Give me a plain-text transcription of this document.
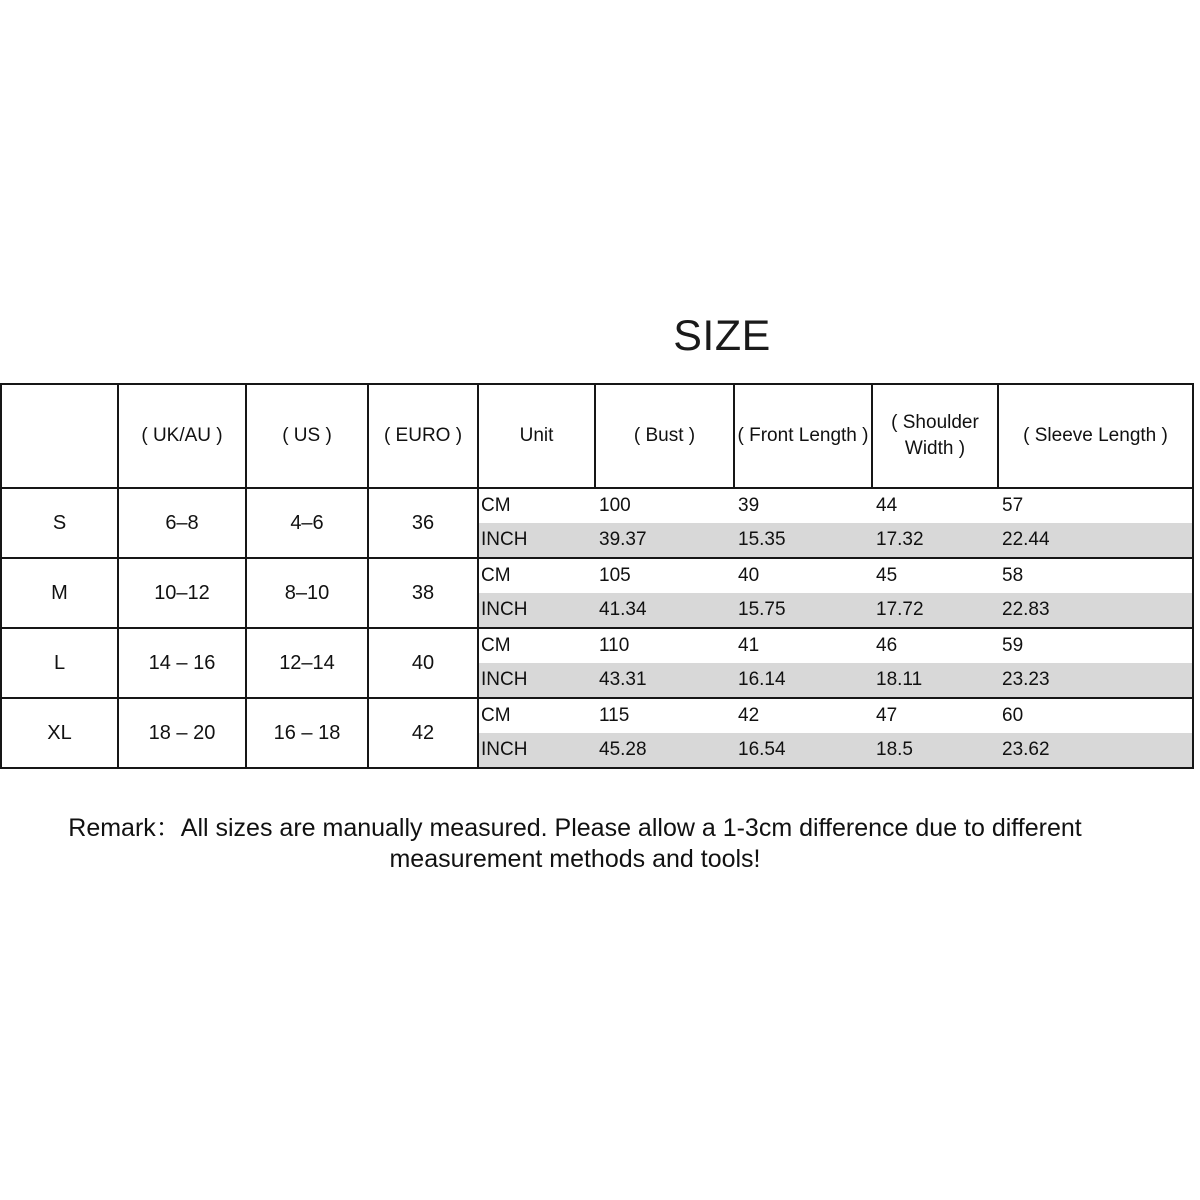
SIZE
	( UK/AU )	( US )	( EURO )	Unit	( Bust )	( Front Length )	( Shoulder Width )	( Sleeve Length )
S	6–8	4–6	36	CM	100	39	44	57
				INCH	39.37	15.35	17.32	22.44
M	10–12	8–10	38	CM	105	40	45	58
				INCH	41.34	15.75	17.72	22.83
L	14 – 16	12–14	40	CM	110	41	46	59
				INCH	43.31	16.14	18.11	23.23
XL	18 – 20	16 – 18	42	CM	115	42	47	60
				INCH	45.28	16.54	18.5	23.62
Remark：All sizes are manually measured. Please allow a 1-3cm difference due to different
measurement methods and tools!
